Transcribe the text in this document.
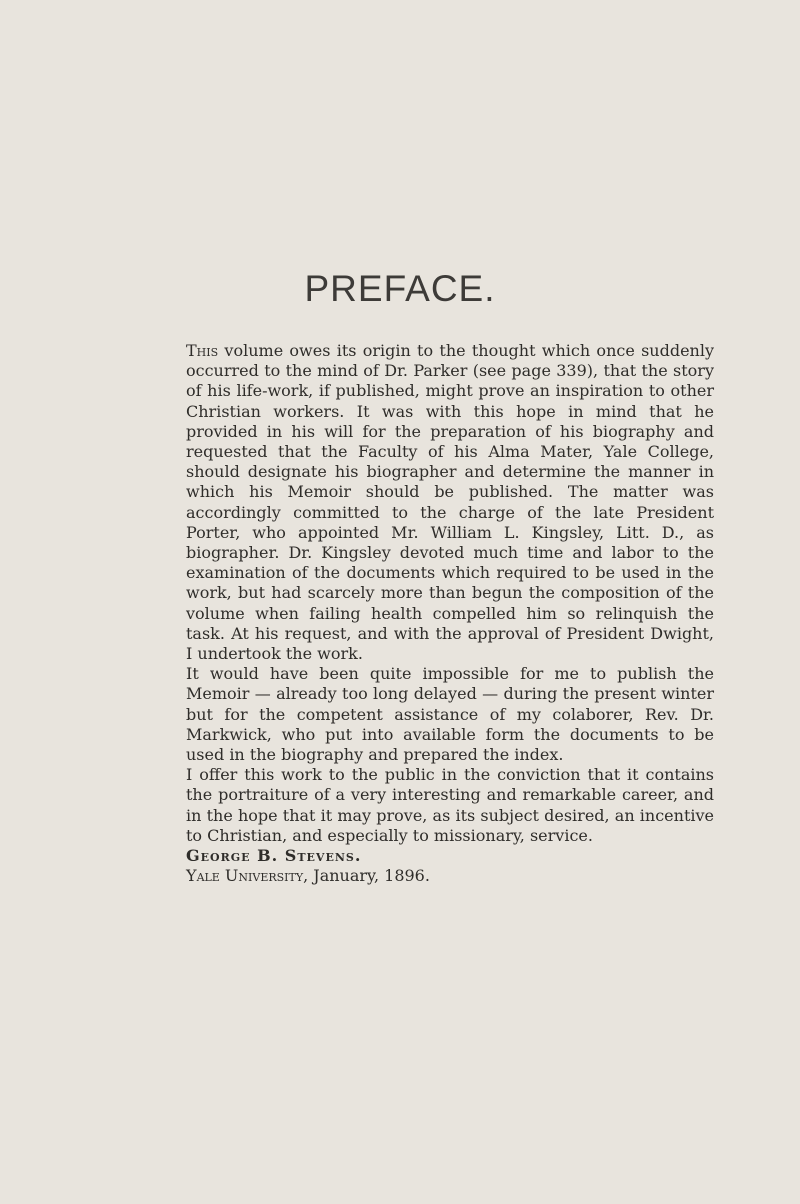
PREFACE.

This volume owes its origin to the thought which once suddenly occurred to the mind of Dr. Parker (see page 339), that the story of his life-work, if published, might prove an inspiration to other Christian workers. It was with this hope in mind that he provided in his will for the preparation of his biography and requested that the Faculty of his Alma Mater, Yale College, should designate his biographer and determine the manner in which his Memoir should be published. The matter was accordingly committed to the charge of the late President Porter, who appointed Mr. William L. Kingsley, Litt. D., as biographer. Dr. Kingsley devoted much time and labor to the examination of the documents which required to be used in the work, but had scarcely more than begun the composition of the volume when failing health compelled him so relinquish the task. At his request, and with the approval of President Dwight, I undertook the work.

It would have been quite impossible for me to publish the Memoir — already too long delayed — during the present winter but for the competent assistance of my colaborer, Rev. Dr. Markwick, who put into available form the documents to be used in the biography and prepared the index.

I offer this work to the public in the conviction that it contains the portraiture of a very interesting and remarkable career, and in the hope that it may prove, as its subject desired, an incentive to Christian, and especially to missionary, service.

George B. Stevens.

Yale University, January, 1896.
